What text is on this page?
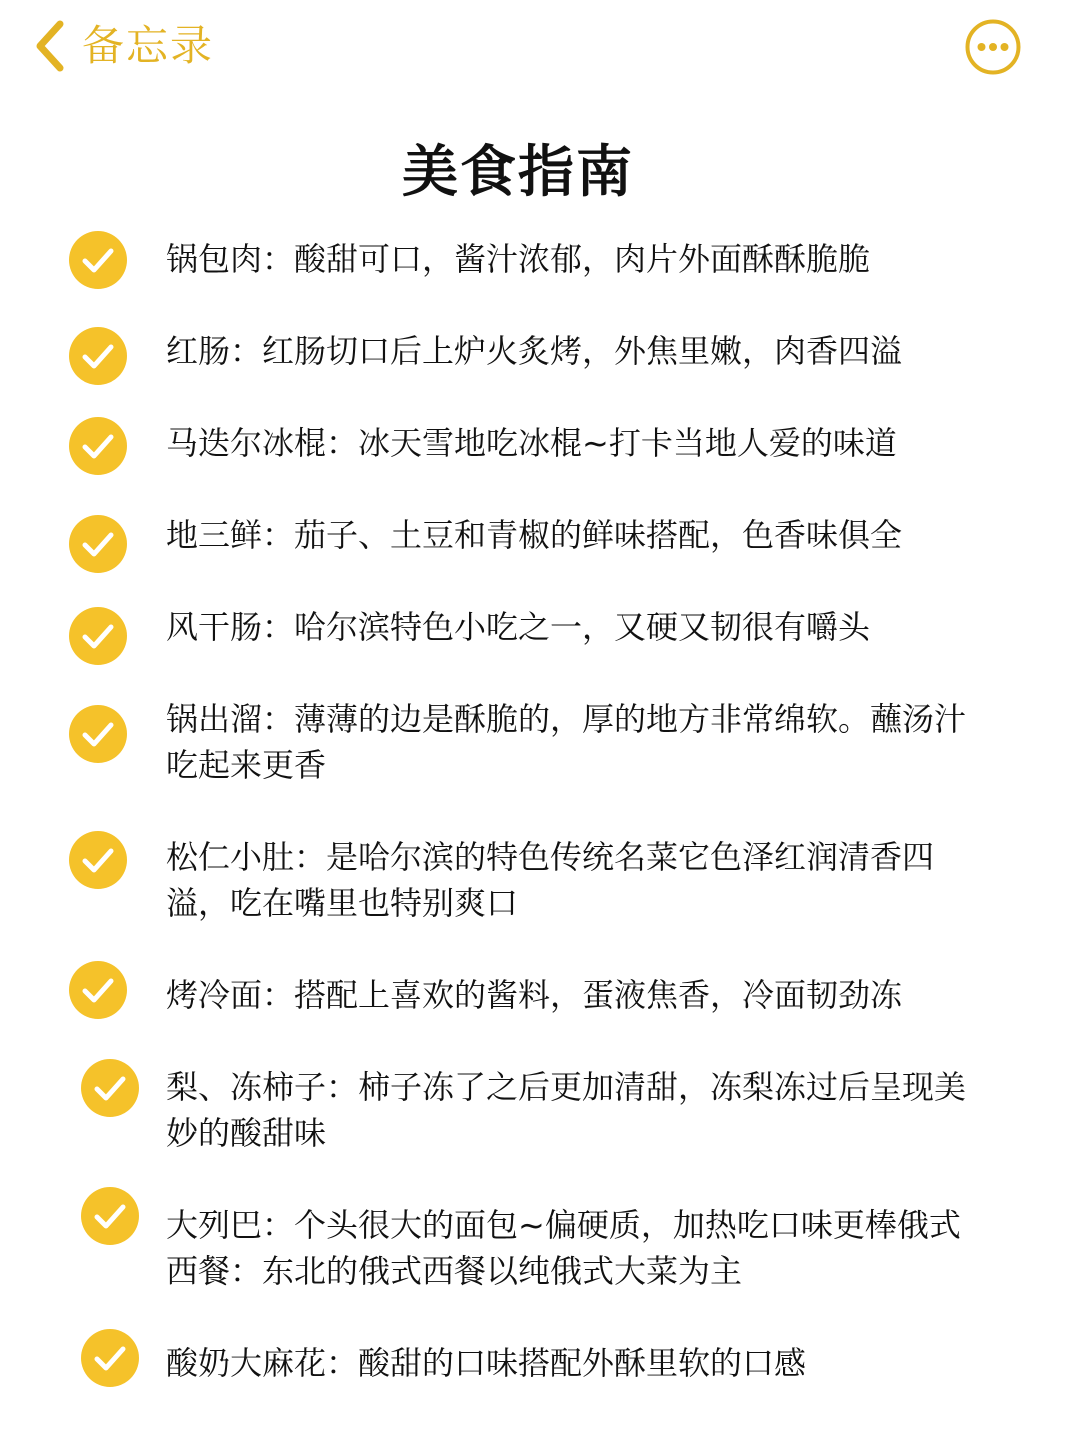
备忘录
美食指南
锅包肉：酸甜可口，酱汁浓郁，肉片外面酥酥脆脆
红肠：红肠切口后上炉火炙烤，外焦里嫩，肉香四溢
马迭尔冰棍：冰天雪地吃冰棍~打卡当地人爱的味道
地三鲜：茄子、土豆和青椒的鲜味搭配，色香味俱全
风干肠：哈尔滨特色小吃之一，又硬又韧很有嚼头
锅出溜：薄薄的边是酥脆的，厚的地方非常绵软。蘸汤汁吃起来更香
松仁小肚：是哈尔滨的特色传统名菜它色泽红润清香四溢，吃在嘴里也特别爽口
烤冷面：搭配上喜欢的酱料，蛋液焦香，冷面韧劲冻
梨、冻柿子：柿子冻了之后更加清甜，冻梨冻过后呈现美妙的酸甜味
大列巴：个头很大的面包~偏硬质，加热吃口味更棒俄式西餐：东北的俄式西餐以纯俄式大菜为主
酸奶大麻花：酸甜的口味搭配外酥里软的口感
